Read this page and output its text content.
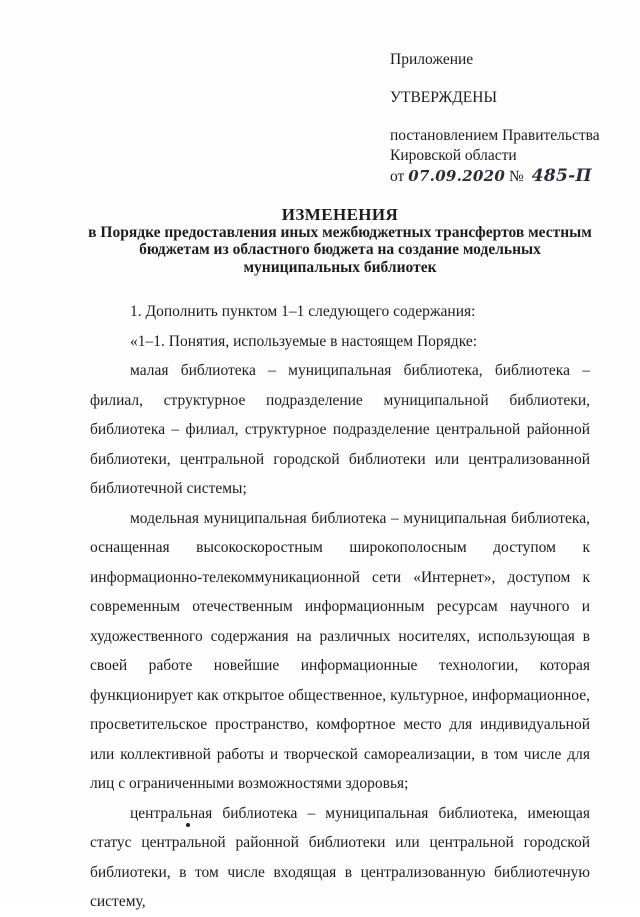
Приложение
УТВЕРЖДЕНЫ
постановлением Правительства
Кировской области
от 07.09.2020 № 485-П
ИЗМЕНЕНИЯ
в Порядке предоставления иных межбюджетных трансфертов местным
бюджетам из областного бюджета на создание модельных
муниципальных библиотек

1. Дополнить пунктом 1–1 следующего содержания:

«1–1. Понятия, используемые в настоящем Порядке:

малая библиотека – муниципальная библиотека, библиотека – филиал, структурное подразделение муниципальной библиотеки, библиотека – филиал, структурное подразделение центральной районной библиотеки, центральной городской библиотеки или централизованной библиотечной системы;

модельная муниципальная библиотека – муниципальная библиотека, оснащенная высокоскоростным широкополосным доступом к информационно-телекоммуникационной сети «Интернет», доступом к современным отечественным информационным ресурсам научного и художественного содержания на различных носителях, использующая в своей работе новейшие информационные технологии, которая функционирует как открытое общественное, культурное, информационное, просветительское пространство, комфортное место для индивидуальной или коллективной работы и творческой самореализации, в том числе для лиц с ограниченными возможностями здоровья;

центральная библиотека – муниципальная библиотека, имеющая статус центральной районной библиотеки или центральной городской библиотеки, в том числе входящая в централизованную библиотечную систему,
